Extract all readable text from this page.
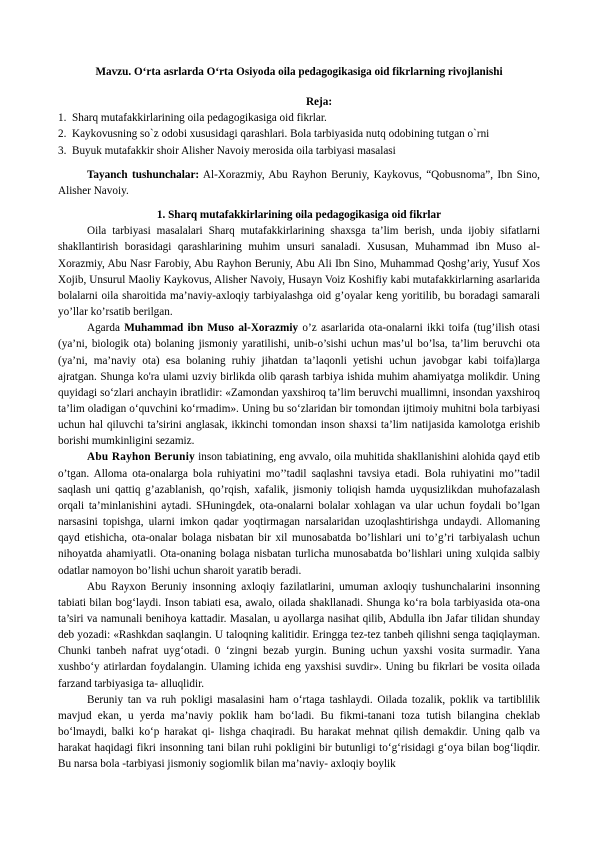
Mavzu. O‘rta asrlarda O‘rta Osiyoda oila pedagogikasiga oid fikrlarning rivojlanishi
Reja:
1. Sharq mutafakkirlarining oila pedagogikasiga oid fikrlar.
2. Kaykovusning so`z odobi xususidagi qarashlari. Bola tarbiyasida nutq odobining tutgan o`rni
3. Buyuk mutafakkir shoir Alisher Navoiy merosida oila tarbiyasi masalasi

Tayanch tushunchalar: Al-Xorazmiy, Abu Rayhon Beruniy, Kaykovus, “Qobusnoma”, Ibn Sino, Alisher Navoiy.

1. Sharq mutafakkirlarining oila pedagogikasiga oid fikrlar

Oila tarbiyasi masalalari Sharq mutafakkirlarining shaxsga ta’lim berish, unda ijobiy sifatlarni shakllantirish borasidagi qarashlarining muhim unsuri sanaladi. Xususan, Muhammad ibn Muso al-Xorazmiy, Abu Nasr Farobiy, Abu Rayhon Beruniy, Abu Ali Ibn Sino, Muhammad Qoshg’ariy, Yusuf Xos Xojib, Unsurul Maoliy Kaykovus, Alisher Navoiy, Husayn Voiz Koshifiy kabi mutafakkirlarning asarlarida bolalarni oila sharoitida ma’naviy-axloqiy tarbiyalashga oid g’oyalar keng yoritilib, bu boradagi samarali yo’llar ko’rsatib berilgan.

Agarda Muhammad ibn Muso al-Xorazmiy o’z asarlarida ota-onalarni ikki toifa (tug’ilish otasi (ya’ni, biologik ota) bolaning jismoniy yaratilishi, unib-o’sishi uchun mas’ul bo’lsa, ta’lim beruvchi ota (ya’ni, ma’naviy ota) esa bolaning ruhiy jihatdan ta’laqonli yetishi uchun javobgar kabi toifa)larga ajratgan. Shunga ko'ra ulami uzviy birlikda olib qarash tarbiya ishida muhim ahamiyatga molikdir. Uning quyidagi so‘zlari anchayin ibratlidir: «Zamondan yaxshiroq ta’lim beruvchi muallimni, insondan yaxshiroq ta’lim oladigan o‘quvchini ko‘rmadim». Uning bu so‘zlaridan bir tomondan ijtimoiy muhitni bola tarbiyasi uchun hal qiluvchi ta’sirini anglasak, ikkinchi tomondan inson shaxsi ta’lim natijasida kamolotga erishib borishi mumkinligini sezamiz.

Abu Rayhon Beruniy inson tabiatining, eng avvalo, oila muhitida shakllanishini alohida qayd etib o’tgan. Alloma ota-onalarga bola ruhiyatini mo’’tadil saqlashni tavsiya etadi. Bola ruhiyatini mo’’tadil saqlash uni qattiq g’azablanish, qo’rqish, xafalik, jismoniy toliqish hamda uyqusizlikdan muhofazalash orqali ta’minlanishini aytadi. SHuningdek, ota-onalarni bolalar xohlagan va ular uchun foydali bo’lgan narsasini topishga, ularni imkon qadar yoqtirmagan narsalaridan uzoqlashtirishga undaydi. Allomaning qayd etishicha, ota-onalar bolaga nisbatan bir xil munosabatda bo’lishlari uni to’g’ri tarbiyalash uchun nihoyatda ahamiyatli. Ota-onaning bolaga nisbatan turlicha munosabatda bo’lishlari uning xulqida salbiy odatlar namoyon bo’lishi uchun sharoit yaratib beradi.

Abu Rayxon Beruniy insonning axloqiy fazilatlarini, umuman axloqiy tushunchalarini insonning tabiati bilan bog‘laydi. Inson tabiati esa, awalo, oilada shakllanadi. Shunga ko‘ra bola tarbiyasida ota-ona ta’siri va namunali benihoya kattadir. Masalan, u ayollarga nasihat qilib, Abdulla ibn Jafar tilidan shunday deb yozadi: «Rashkdan saqlangin. U taloqning kalitidir. Eringga tez-tez tanbeh qilishni senga taqiqlayman. Chunki tanbeh nafrat uyg‘otadi. 0 ‘zingni bezab yurgin. Buning uchun yaxshi vosita surmadir. Yana xushbo‘y atirlardan foydalangin. Ulaming ichida eng yaxshisi suvdir». Uning bu fikrlari be vosita oilada farzand tarbiyasiga ta- alluqlidir.

Beruniy tan va ruh pokligi masalasini ham o‘rtaga tashlaydi. Oilada tozalik, poklik va tartiblilik mavjud ekan, u yerda ma’naviy poklik ham bo‘ladi. Bu fikmi-tanani toza tutish bilangina cheklab bo‘lmaydi, balki ko‘p harakat qi- lishga chaqiradi. Bu harakat mehnat qilish demakdir. Uning qalb va harakat haqidagi fikri insonning tani bilan ruhi pokligini bir butunligi to‘g‘risidagi g‘oya bilan bog‘liqdir. Bu narsa bola -tarbiyasi jismoniy sogiomlik bilan ma’naviy- axloqiy boylik
